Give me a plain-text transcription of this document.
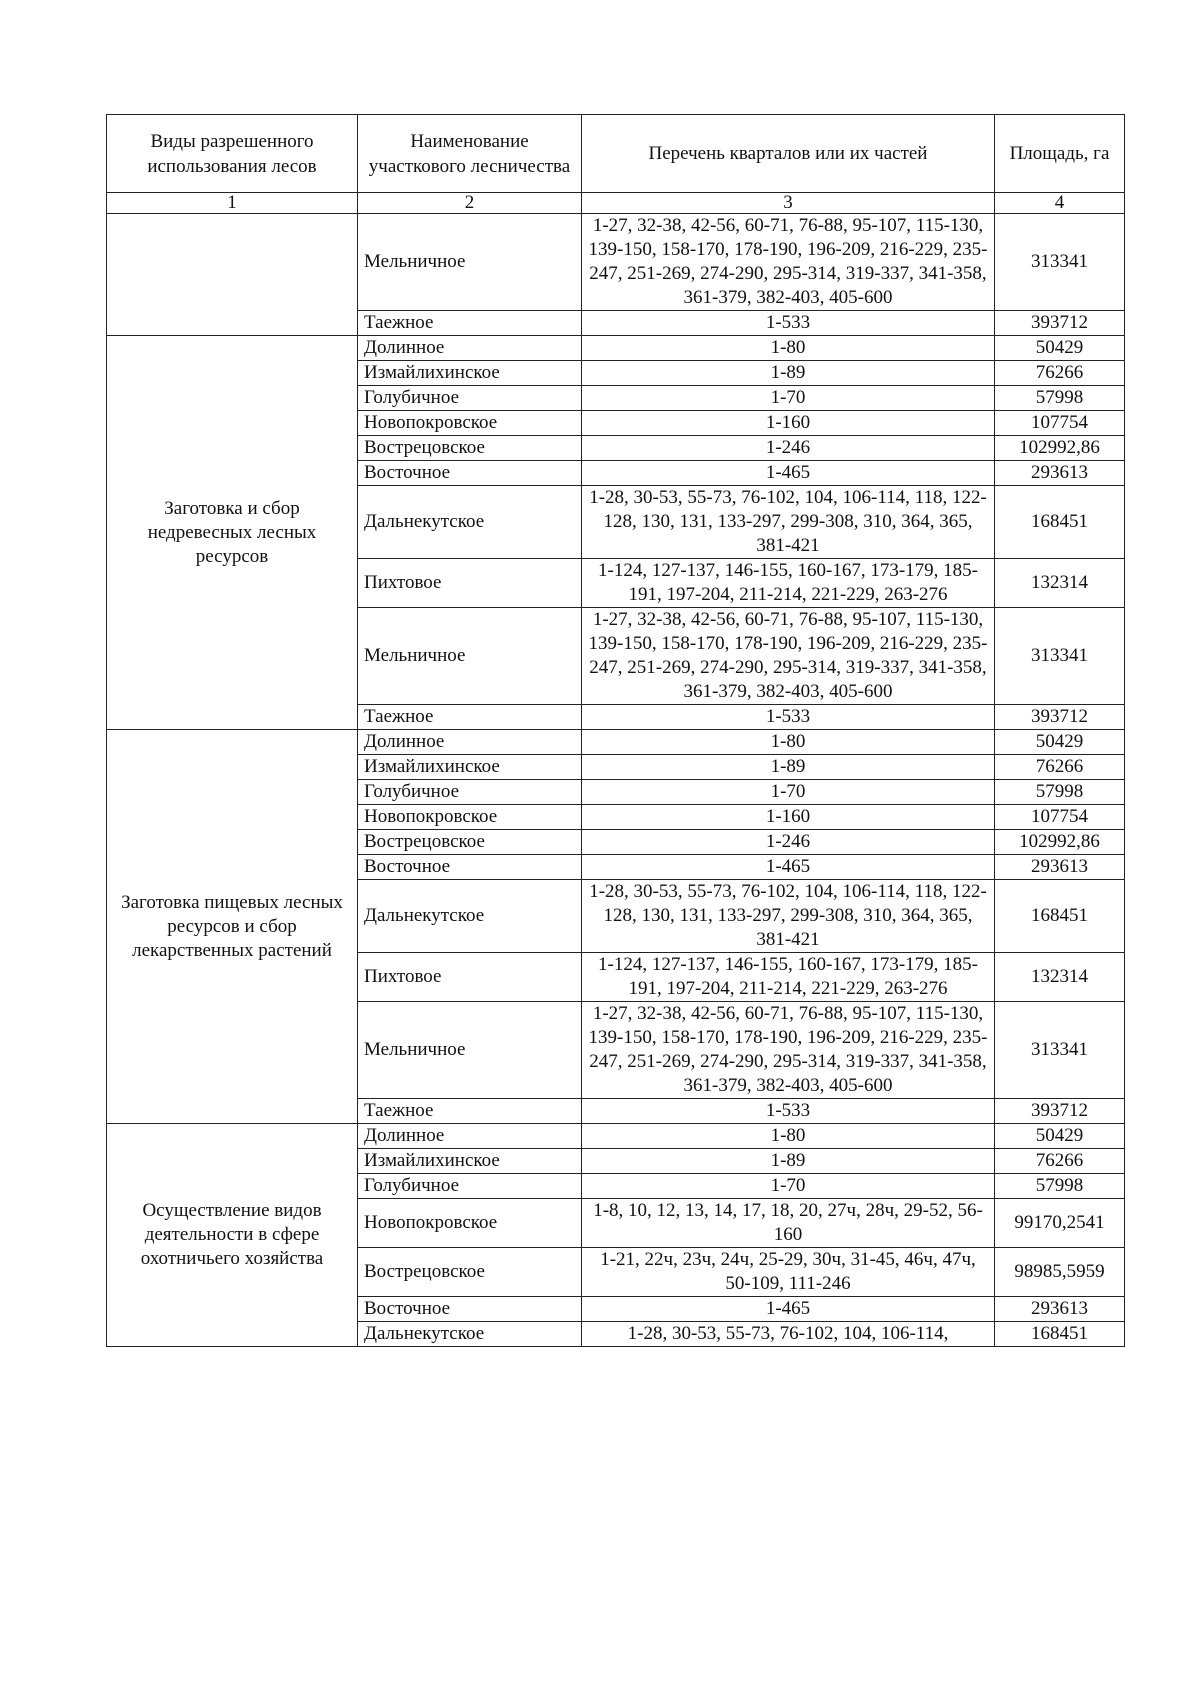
Виды разрешенного использования лесов	Наименование участкового лесничества	Перечень кварталов или их частей	Площадь, га
1	2	3	4
	Мельничное	1-27, 32-38, 42-56, 60-71, 76-88, 95-107, 115-130, 139-150, 158-170, 178-190, 196-209, 216-229, 235-247, 251-269, 274-290, 295-314, 319-337, 341-358, 361-379, 382-403, 405-600	313341
	Таежное	1-533	393712
Заготовка и сбор недревесных лесных ресурсов	Долинное	1-80	50429
	Измайлихинское	1-89	76266
	Голубичное	1-70	57998
	Новопокровское	1-160	107754
	Вострецовское	1-246	102992,86
	Восточное	1-465	293613
	Дальнекутское	1-28, 30-53, 55-73, 76-102, 104, 106-114, 118, 122-128, 130, 131, 133-297, 299-308, 310, 364, 365, 381-421	168451
	Пихтовое	1-124, 127-137, 146-155, 160-167, 173-179, 185-191, 197-204, 211-214, 221-229, 263-276	132314
	Мельничное	1-27, 32-38, 42-56, 60-71, 76-88, 95-107, 115-130, 139-150, 158-170, 178-190, 196-209, 216-229, 235-247, 251-269, 274-290, 295-314, 319-337, 341-358, 361-379, 382-403, 405-600	313341
	Таежное	1-533	393712
Заготовка пищевых лесных ресурсов и сбор лекарственных растений	Долинное	1-80	50429
	Измайлихинское	1-89	76266
	Голубичное	1-70	57998
	Новопокровское	1-160	107754
	Вострецовское	1-246	102992,86
	Восточное	1-465	293613
	Дальнекутское	1-28, 30-53, 55-73, 76-102, 104, 106-114, 118, 122-128, 130, 131, 133-297, 299-308, 310, 364, 365, 381-421	168451
	Пихтовое	1-124, 127-137, 146-155, 160-167, 173-179, 185-191, 197-204, 211-214, 221-229, 263-276	132314
	Мельничное	1-27, 32-38, 42-56, 60-71, 76-88, 95-107, 115-130, 139-150, 158-170, 178-190, 196-209, 216-229, 235-247, 251-269, 274-290, 295-314, 319-337, 341-358, 361-379, 382-403, 405-600	313341
	Таежное	1-533	393712
Осуществление видов деятельности в сфере охотничьего хозяйства	Долинное	1-80	50429
	Измайлихинское	1-89	76266
	Голубичное	1-70	57998
	Новопокровское	1-8, 10, 12, 13, 14, 17, 18, 20, 27ч, 28ч, 29-52, 56-160	99170,2541
	Вострецовское	1-21, 22ч, 23ч, 24ч, 25-29, 30ч, 31-45, 46ч, 47ч, 50-109, 111-246	98985,5959
	Восточное	1-465	293613
	Дальнекутское	1-28, 30-53, 55-73, 76-102, 104, 106-114,	168451
